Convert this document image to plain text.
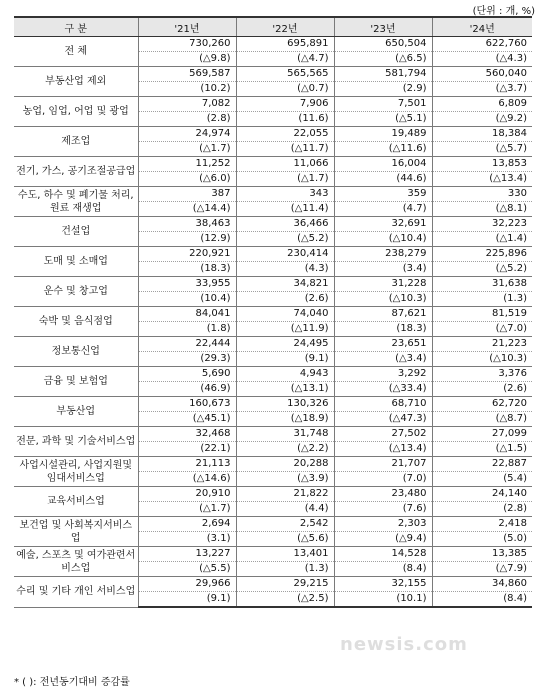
(단위 : 개, %)
구 분	'21년	'22년	'23년	'24년
전 체	730,260	695,891	650,504	622,760
	(△9.8)	(△4.7)	(△6.5)	(△4.3)
부동산업 제외	569,587	565,565	581,794	560,040
	(10.2)	(△0.7)	(2.9)	(△3.7)
농업, 임업, 어업 및 광업	7,082	7,906	7,501	6,809
	(2.8)	(11.6)	(△5.1)	(△9.2)
제조업	24,974	22,055	19,489	18,384
	(△1.7)	(△11.7)	(△11.6)	(△5.7)
전기, 가스, 공기조절공급업	11,252	11,066	16,004	13,853
	(△6.0)	(△1.7)	(44.6)	(△13.4)
수도, 하수 및 폐기물 처리, 원료 재생업	387	343	359	330
	(△14.4)	(△11.4)	(4.7)	(△8.1)
건설업	38,463	36,466	32,691	32,223
	(12.9)	(△5.2)	(△10.4)	(△1.4)
도매 및 소매업	220,921	230,414	238,279	225,896
	(18.3)	(4.3)	(3.4)	(△5.2)
운수 및 창고업	33,955	34,821	31,228	31,638
	(10.4)	(2.6)	(△10.3)	(1.3)
숙박 및 음식점업	84,041	74,040	87,621	81,519
	(1.8)	(△11.9)	(18.3)	(△7.0)
정보통신업	22,444	24,495	23,651	21,223
	(29.3)	(9.1)	(△3.4)	(△10.3)
금융 및 보험업	5,690	4,943	3,292	3,376
	(46.9)	(△13.1)	(△33.4)	(2.6)
부동산업	160,673	130,326	68,710	62,720
	(△45.1)	(△18.9)	(△47.3)	(△8.7)
전문, 과학 및 기술서비스업	32,468	31,748	27,502	27,099
	(22.1)	(△2.2)	(△13.4)	(△1.5)
사업시설관리, 사업지원및임대서비스업	21,113	20,288	21,707	22,887
	(△14.6)	(△3.9)	(7.0)	(5.4)
교육서비스업	20,910	21,822	23,480	24,140
	(△1.7)	(4.4)	(7.6)	(2.8)
보건업 및 사회복지서비스업	2,694	2,542	2,303	2,418
	(3.1)	(△5.6)	(△9.4)	(5.0)
예술, 스포츠 및 여가관련서비스업	13,227	13,401	14,528	13,385
	(△5.5)	(1.3)	(8.4)	(△7.9)
수리 및 기타 개인 서비스업	29,966	29,215	32,155	34,860
	(9.1)	(△2.5)	(10.1)	(8.4)
* ( ): 전년동기대비 증감률
newsis.com
